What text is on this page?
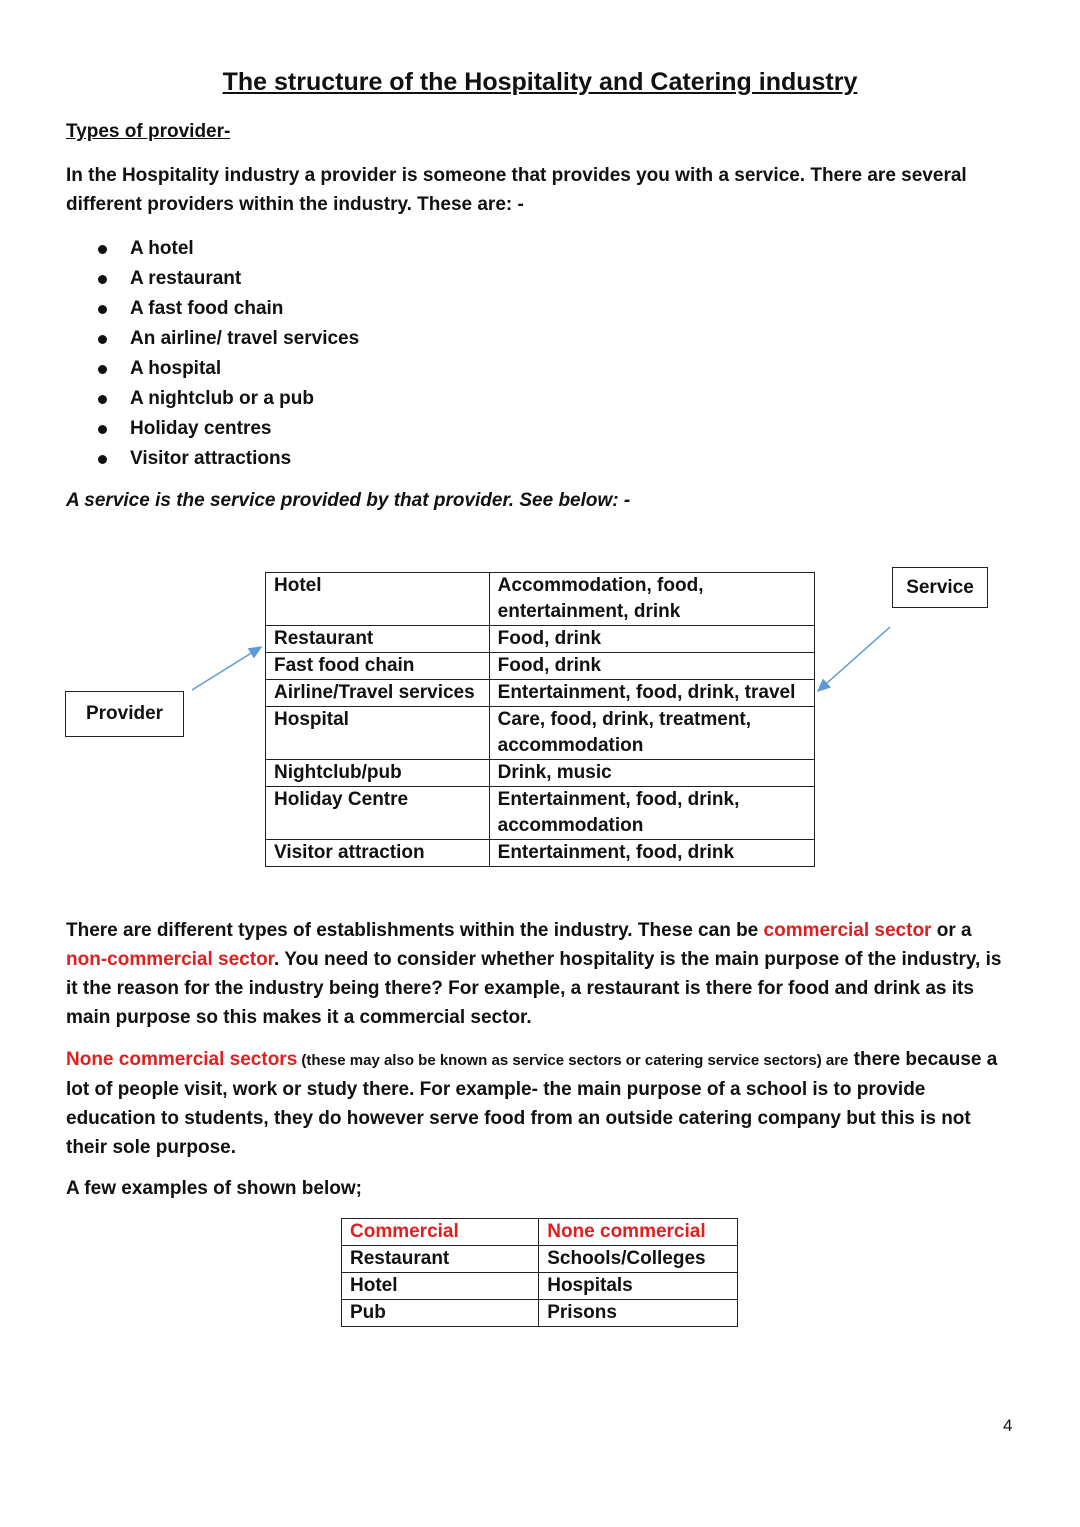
The structure of the Hospitality and Catering industry
Types of provider-
In the Hospitality industry a provider is someone that provides you with a service. There are several different providers within the industry. These are: -
A hotel
A restaurant
A fast food chain
An airline/ travel services
A hospital
A nightclub or a pub
Holiday centres
Visitor attractions
A service is the service provided by that provider. See below: -
Provider
Service
Hotel	Accommodation, food, entertainment, drink
Restaurant	Food, drink
Fast food chain	Food, drink
Airline/Travel services	Entertainment, food, drink, travel
Hospital	Care, food, drink, treatment, accommodation
Nightclub/pub	Drink, music
Holiday Centre	Entertainment, food, drink, accommodation
Visitor attraction	Entertainment, food, drink
There are different types of establishments within the industry. These can be commercial sector or a non-commercial sector. You need to consider whether hospitality is the main purpose of the industry, is it the reason for the industry being there? For example, a restaurant is there for food and drink as its main purpose so this makes it a commercial sector.
None commercial sectors (these may also be known as service sectors or catering service sectors) are there because a lot of people visit, work or study there. For example- the main purpose of a school is to provide education to students, they do however serve food from an outside catering company but this is not their sole purpose.
A few examples of shown below;
Commercial	None commercial
Restaurant	Schools/Colleges
Hotel	Hospitals
Pub	Prisons
4
